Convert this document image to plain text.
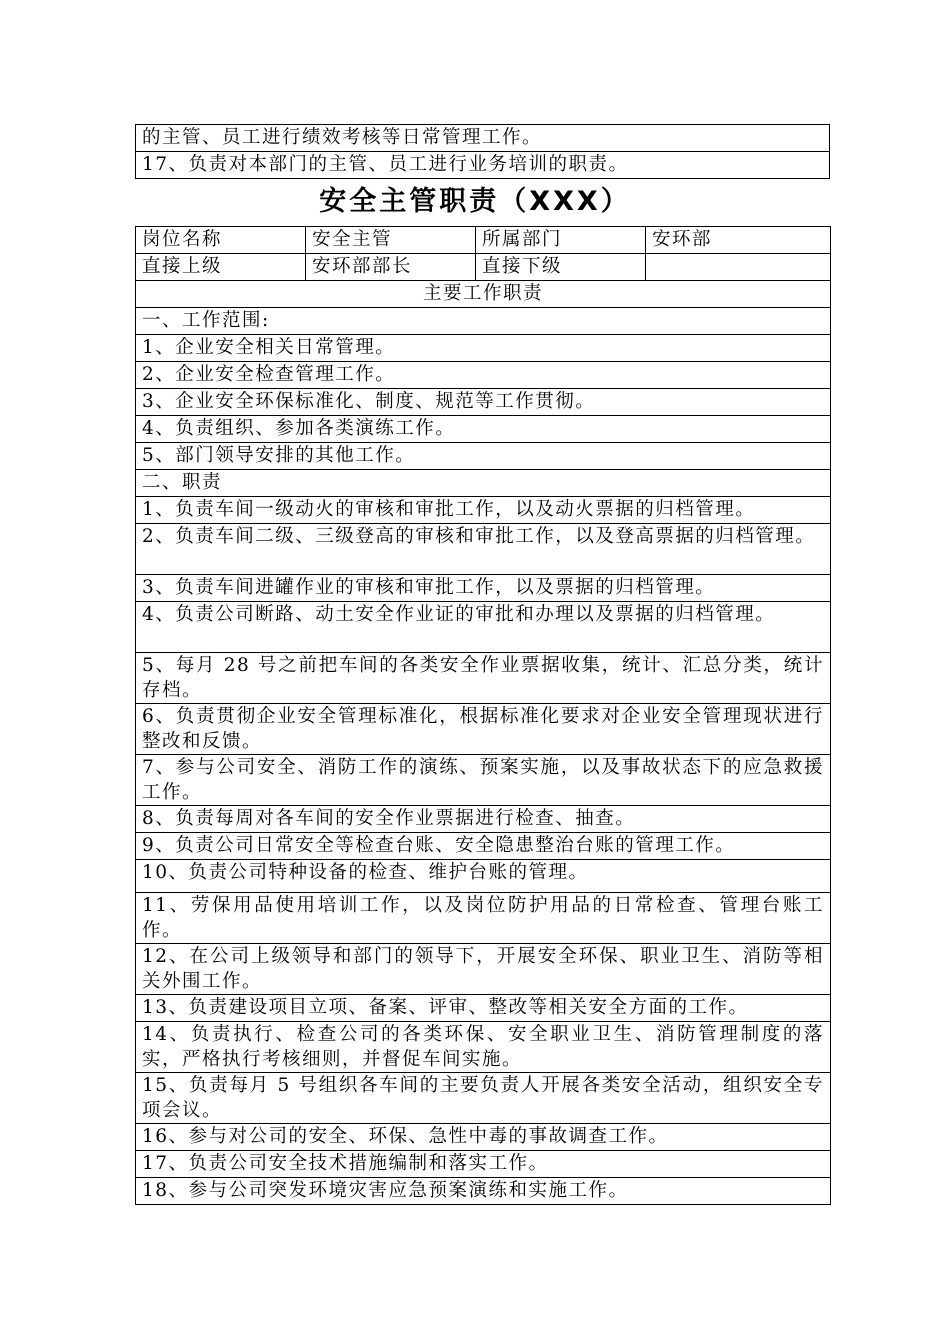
的主管、员工进行绩效考核等日常管理工作。
17、负责对本部门的主管、员工进行业务培训的职责。
安全主管职责（XXX）
岗位名称	安全主管	所属部门	安环部
直接上级	安环部部长	直接下级	
主要工作职责			
一、工作范围:			
1、企业安全相关日常管理。			
2、企业安全检查管理工作。			
3、企业安全环保标准化、制度、规范等工作贯彻。			
4、负责组织、参加各类演练工作。			
5、部门领导安排的其他工作。			
二、职责			
1、负责车间一级动火的审核和审批工作，以及动火票据的归档管理。			
2、负责车间二级、三级登高的审核和审批工作，以及登高票据的归档管理。			
3、负责车间进罐作业的审核和审批工作，以及票据的归档管理。			
4、负责公司断路、动土安全作业证的审批和办理以及票据的归档管理。			
5、每月 28 号之前把车间的各类安全作业票据收集，统计、汇总分类，统计存档。			
6、负责贯彻企业安全管理标准化，根据标准化要求对企业安全管理现状进行整改和反馈。			
7、参与公司安全、消防工作的演练、预案实施，以及事故状态下的应急救援工作。			
8、负责每周对各车间的安全作业票据进行检查、抽查。			
9、负责公司日常安全等检查台账、安全隐患整治台账的管理工作。			
10、负责公司特种设备的检查、维护台账的管理。			
11、劳保用品使用培训工作，以及岗位防护用品的日常检查、管理台账工作。			
12、在公司上级领导和部门的领导下，开展安全环保、职业卫生、消防等相关外围工作。			
13、负责建设项目立项、备案、评审、整改等相关安全方面的工作。			
14、负责执行、检查公司的各类环保、安全职业卫生、消防管理制度的落实，严格执行考核细则，并督促车间实施。			
15、负责每月 5 号组织各车间的主要负责人开展各类安全活动，组织安全专项会议。			
16、参与对公司的安全、环保、急性中毒的事故调查工作。			
17、负责公司安全技术措施编制和落实工作。			
18、参与公司突发环境灾害应急预案演练和实施工作。			
